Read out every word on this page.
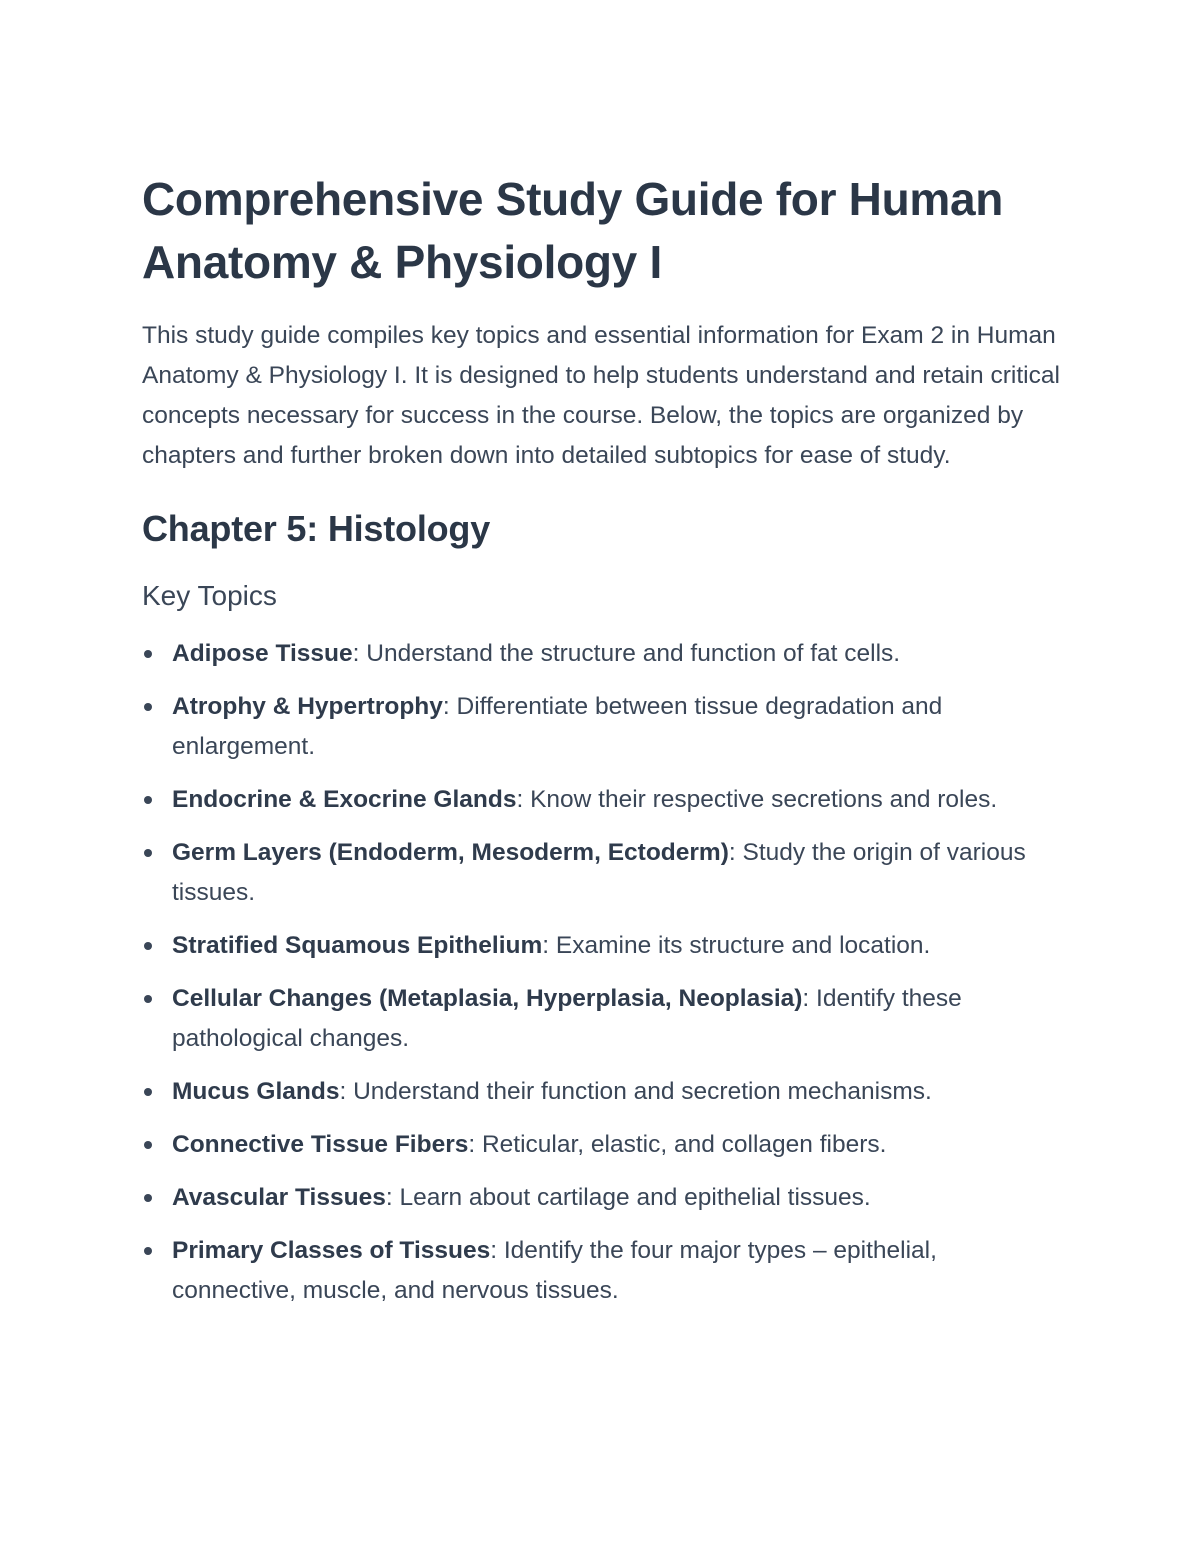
Comprehensive Study Guide for Human Anatomy & Physiology I

This study guide compiles key topics and essential information for Exam 2 in Human Anatomy & Physiology I. It is designed to help students understand and retain critical concepts necessary for success in the course. Below, the topics are organized by chapters and further broken down into detailed subtopics for ease of study.

Chapter 5: Histology
Key Topics
Adipose Tissue: Understand the structure and function of fat cells.
Atrophy & Hypertrophy: Differentiate between tissue degradation and enlargement.
Endocrine & Exocrine Glands: Know their respective secretions and roles.
Germ Layers (Endoderm, Mesoderm, Ectoderm): Study the origin of various tissues.
Stratified Squamous Epithelium: Examine its structure and location.
Cellular Changes (Metaplasia, Hyperplasia, Neoplasia): Identify these pathological changes.
Mucus Glands: Understand their function and secretion mechanisms.
Connective Tissue Fibers: Reticular, elastic, and collagen fibers.
Avascular Tissues: Learn about cartilage and epithelial tissues.
Primary Classes of Tissues: Identify the four major types – epithelial, connective, muscle, and nervous tissues.
